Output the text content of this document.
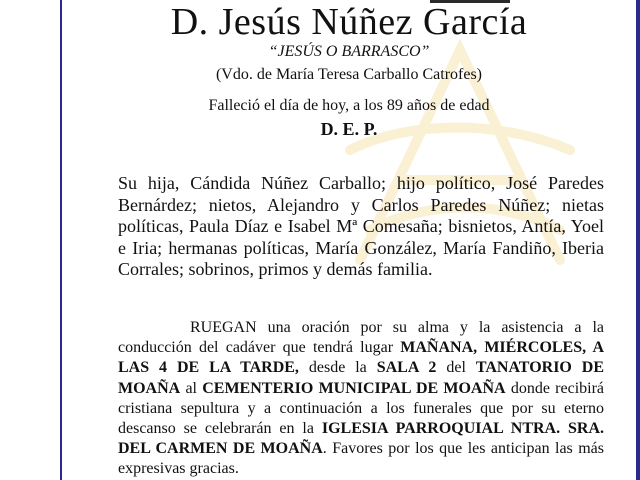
D. Jesús Núñez García
“JESÚS O BARRASCO”
(Vdo. de María Teresa Carballo Catrofes)
Falleció el día de hoy, a los 89 años de edad
D. E. P.
Su hija, Cándida Núñez Carballo; hijo político, José Paredes Bernárdez; nietos, Alejandro y Carlos Paredes Núñez; nietas políticas, Paula Díaz e Isabel Mª Comesaña; bisnietos, Antía, Yoel e Iria; hermanas políticas, María González, María Fandiño, Iberia Corrales; sobrinos, primos y demás familia.
RUEGAN una oración por su alma y la asistencia a la conducción del cadáver que tendrá lugar MAÑANA, MIÉRCOLES, A LAS 4 DE LA TARDE, desde la SALA 2 del TANATORIO DE MOAÑA al CEMENTERIO MUNICIPAL DE MOAÑA donde recibirá cristiana sepultura y a continuación a los funerales que por su eterno descanso se celebrarán en la IGLESIA PARROQUIAL NTRA. SRA. DEL CARMEN DE MOAÑA. Favores por los que les anticipan las más expresivas gracias.
